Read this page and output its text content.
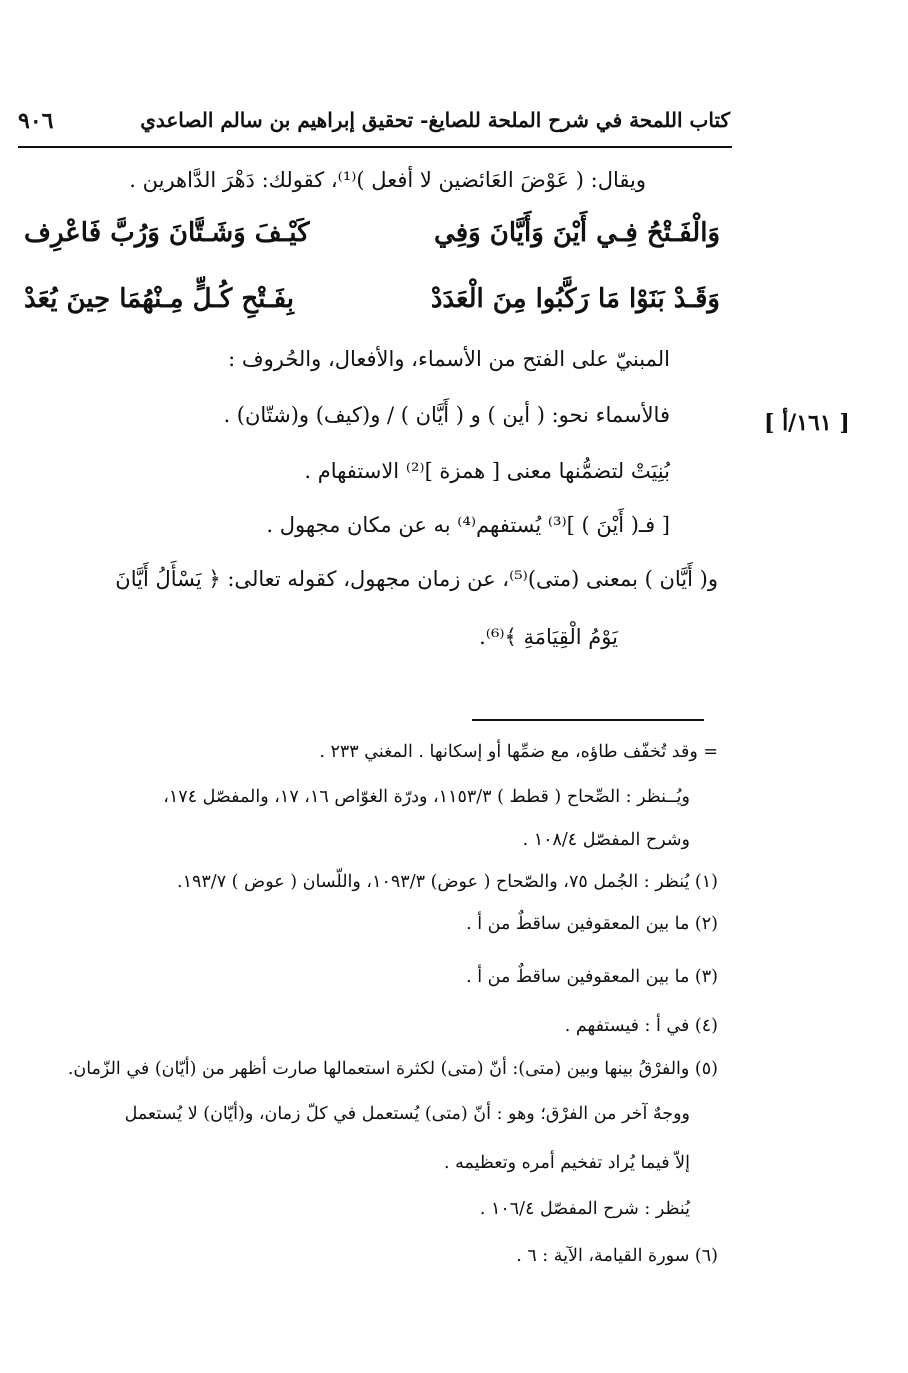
كتاب اللمحة في شرح الملحة للصايغ- تحقيق إبراهيم بن سالم الصاعدي
٩٠٦
ويقال: ( عَوْضَ العَائضين لا أفعل )⁽¹⁾، كقولك: دَهْرَ الدَّاهرين .
وَالْفَـتْحُ فِـي أَيْنَ وَأَيَّانَ وَفِي
كَيْـفَ وَشَـتَّانَ وَرُبَّ فَاعْرِف
وَقَـدْ بَنَوْا مَا رَكَّبُوا مِنَ الْعَدَدْ
بِفَـتْحِ كُـلٍّ مِـنْهُمَا حِينَ يُعَدْ
المبنيّ على الفتح من الأسماء، والأفعال، والحُروف :
فالأسماء نحو: ( أين ) و ( أَيَّان ) / و(كيف) و(شتّان) .
بُنِيَتْ لتضمُّنها معنى [ همزة ]⁽²⁾ الاستفهام .
[ فـ( أَيْنَ ) ]⁽³⁾ يُستفهم⁽⁴⁾ به عن مكان مجهول .
و( أَيَّان ) بمعنى (متى)⁽⁵⁾، عن زمان مجهول، كقوله تعالى: ﴿ يَسْأَلُ أَيَّانَ
يَوْمُ الْقِيَامَةِ ﴾⁽⁶⁾.
[ ١٦١/أ ]
= وقد تُخفّف طاؤه، مع ضمِّها أو إسكانها . المغني ٢٣٣ .
ويُــنظر : الصِّحاح ( قطط ) ١١٥٣/٣، ودرّة الغوّاص ١٦، ١٧، والمفصّل ١٧٤،
وشرح المفصّل ١٠٨/٤ .
(١) يُنظر : الجُمل ٧٥، والصّحاح ( عوض) ١٠٩٣/٣، واللّسان ( عوض ) ١٩٣/٧.
(٢) ما بين المعقوفين ساقطٌ من أ .
(٣) ما بين المعقوفين ساقطٌ من أ .
(٤) في أ : فيستفهم .
(٥) والفرْقُ بينها وبين (متى): أنّ (متى) لكثرة استعمالها صارت أظهر من (أيّان) في الزّمان.
ووجهٌ آخر من الفرْق؛ وهو : أنّ (متى) يُستعمل في كلّ زمان، و(أيّان) لا يُستعمل
إلاّ فيما يُراد تفخيم أمره وتعظيمه .
يُنظر : شرح المفصّل ١٠٦/٤ .
(٦) سورة القيامة، الآية : ٦ .
